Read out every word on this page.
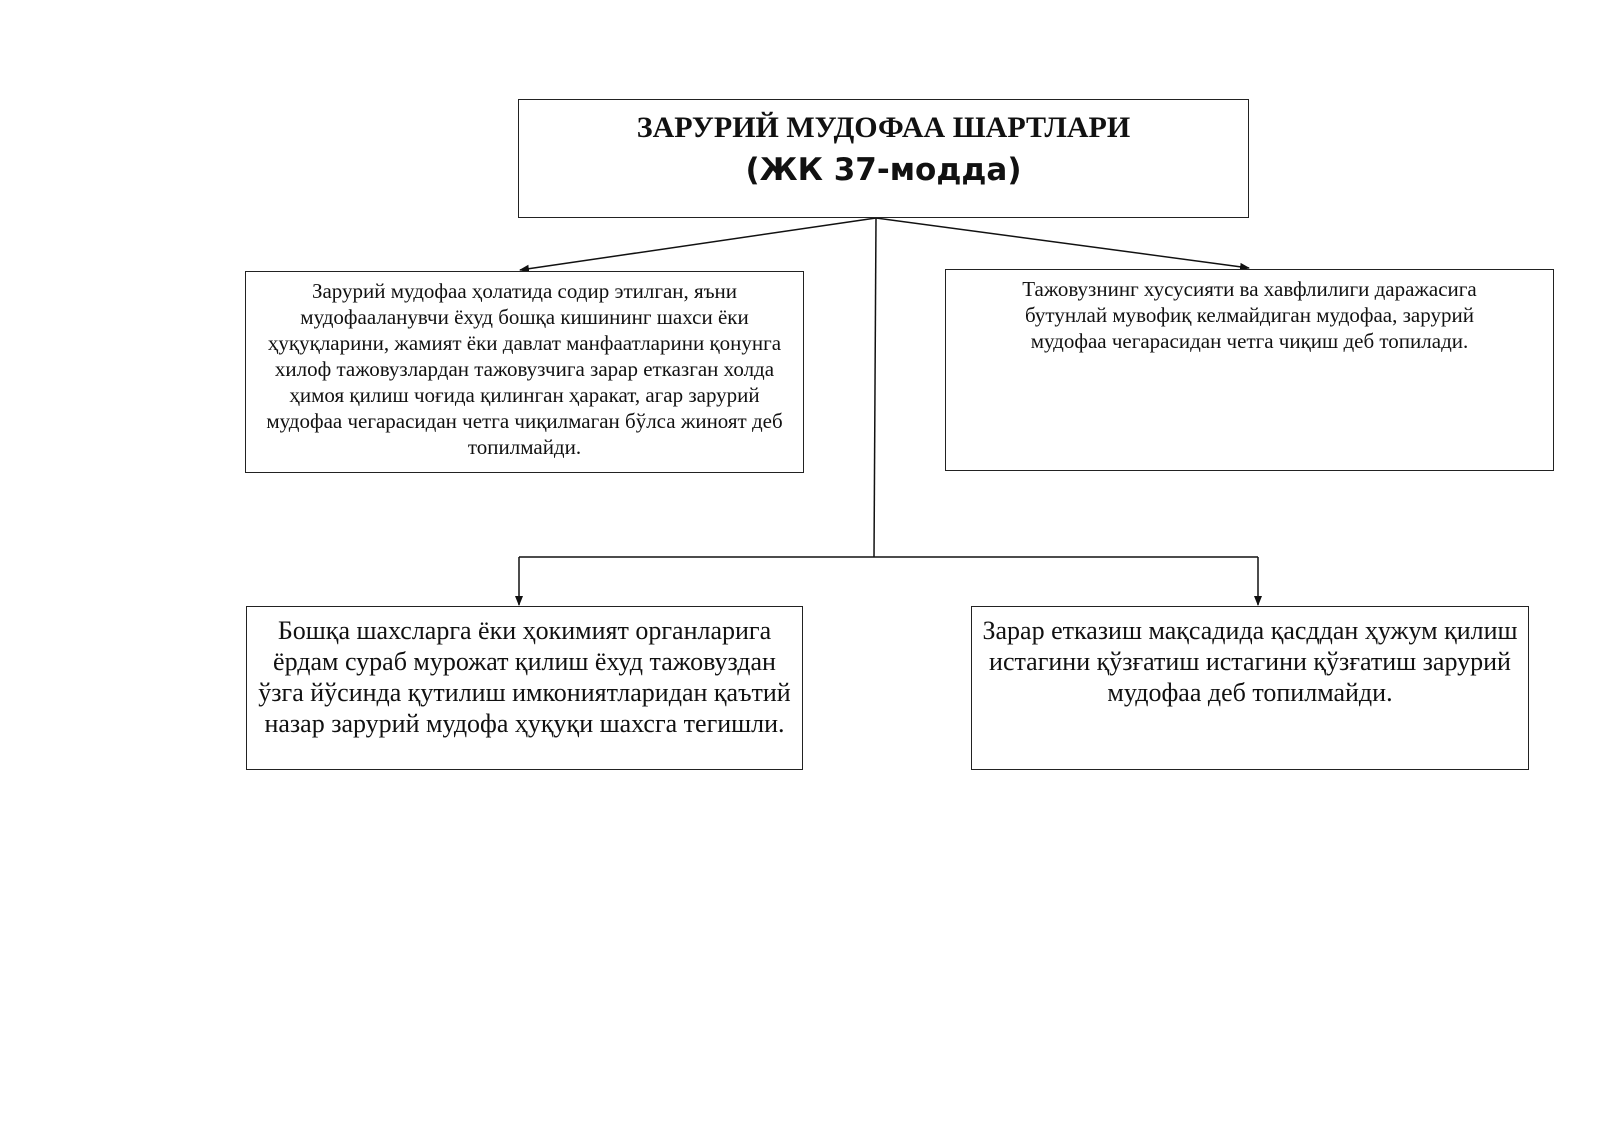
ЗАРУРИЙ МУДОФАА ШАРТЛАРИ
(ЖК 37-модда)
Зарурий мудофаа ҳолатида содир этилган, яъни мудофааланувчи ёхуд бошқа кишининг шахси ёки ҳуқуқларини, жамият ёки давлат манфаатларини қонунга хилоф тажовузлардан тажовузчига зарар етказган холда ҳимоя қилиш чоғида қилинган ҳаракат, агар зарурий мудофаа чегарасидан четга чиқилмаган бўлса жиноят деб топилмайди.
Тажовузнинг хусусияти ва хавфлилиги даражасига бутунлай мувофиқ келмайдиган мудофаа, зарурий мудофаа чегарасидан четга чиқиш деб топилади.
Бошқа шахсларга ёки ҳокимият органларига ёрдам сураб мурожат қилиш ёхуд тажовуздан ўзга йўсинда қутилиш имкониятларидан қаътий назар зарурий мудофа ҳуқуқи шахсга тегишли.
Зарар етказиш мақсадида қасддан ҳужум қилиш истагини қўзғатиш истагини қўзғатиш зарурий мудофаа деб топилмайди.
